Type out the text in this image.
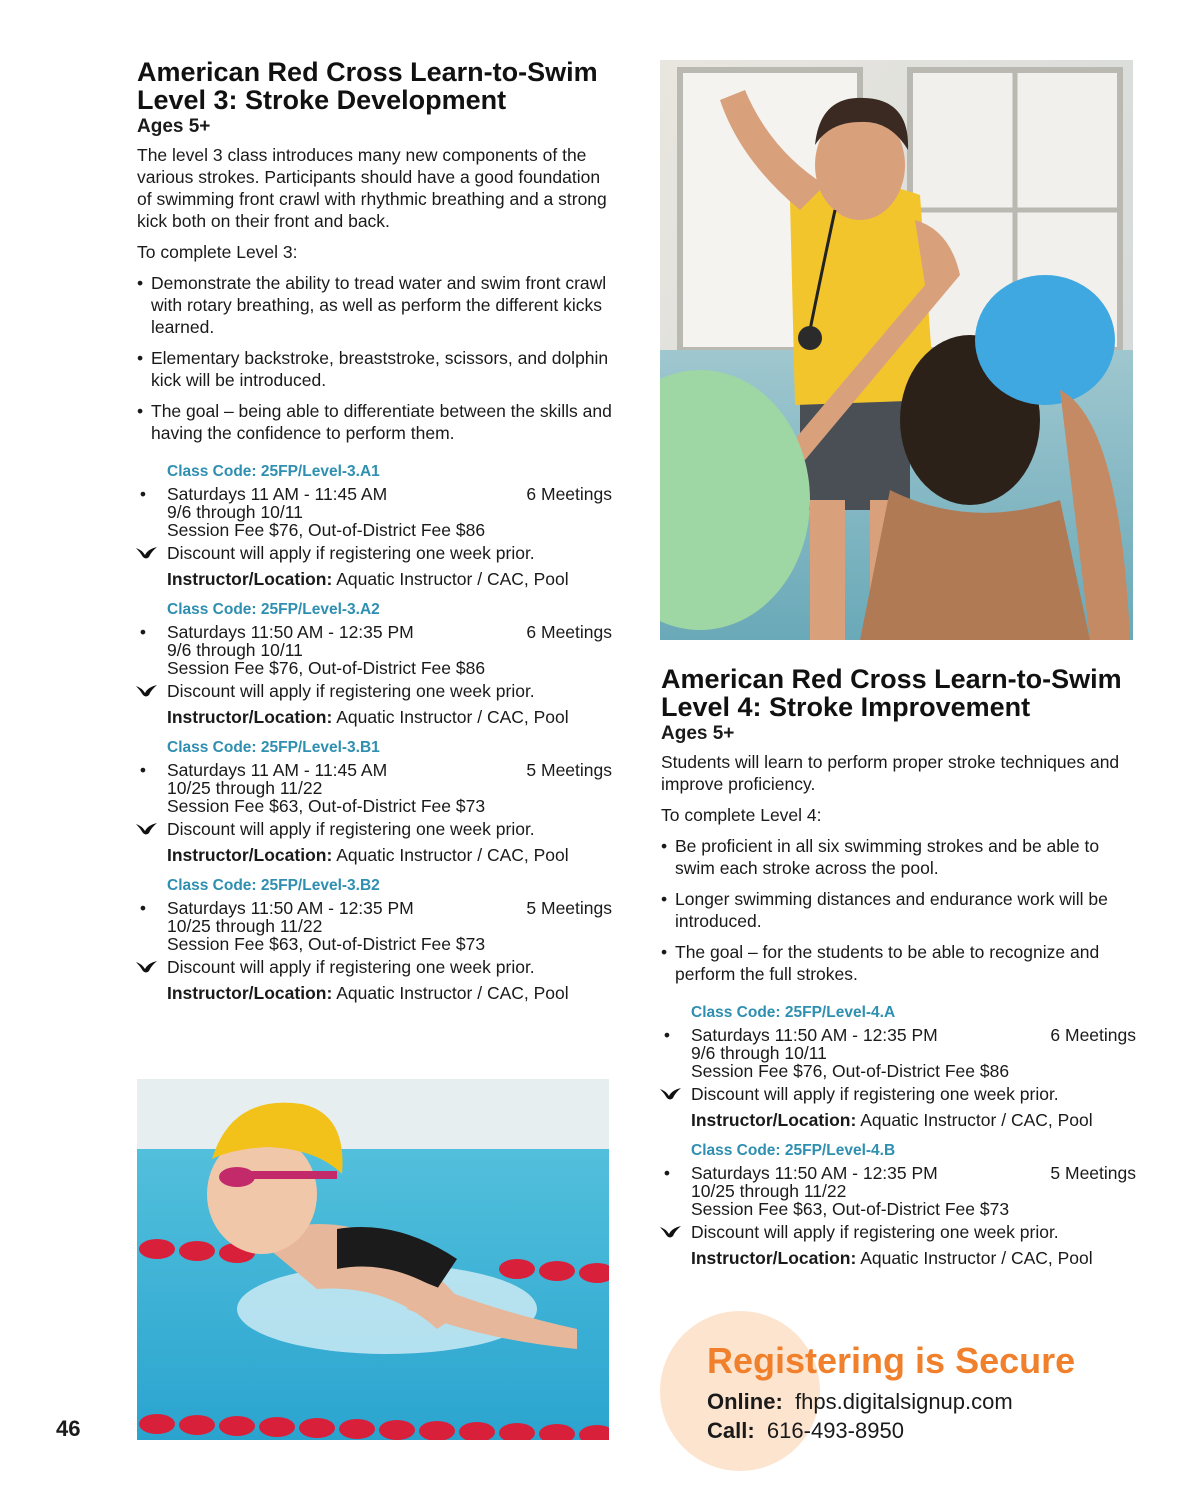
American Red Cross Learn-to-Swim
Level 3: Stroke Development
Ages 5+

The level 3 class introduces many new components of the various strokes. Participants should have a good foundation of swimming front crawl with rhythmic breathing and a strong kick both on their front and back.

To complete Level 3:

• Demonstrate the ability to tread water and swim front crawl with rotary breathing, as well as perform the different kicks learned.
• Elementary backstroke, breaststroke, scissors, and dolphin kick will be introduced.
• The goal – being able to differentiate between the skills and having the confidence to perform them.
Class Code: 25FP/Level-3.A1
• Saturdays 11 AM - 11:45 AM	6 Meetings
9/6 through 10/11
Session Fee $76, Out-of-District Fee $86
Discount will apply if registering one week prior.
Instructor/Location: Aquatic Instructor / CAC, Pool
Class Code: 25FP/Level-3.A2
• Saturdays 11:50 AM - 12:35 PM	6 Meetings
9/6 through 10/11
Session Fee $76, Out-of-District Fee $86
Discount will apply if registering one week prior.
Instructor/Location: Aquatic Instructor / CAC, Pool
Class Code: 25FP/Level-3.B1
• Saturdays 11 AM - 11:45 AM	5 Meetings
10/25 through 11/22
Session Fee $63, Out-of-District Fee $73
Discount will apply if registering one week prior.
Instructor/Location: Aquatic Instructor / CAC, Pool
Class Code: 25FP/Level-3.B2
• Saturdays 11:50 AM - 12:35 PM	5 Meetings
10/25 through 11/22
Session Fee $63, Out-of-District Fee $73
Discount will apply if registering one week prior.
Instructor/Location: Aquatic Instructor / CAC, Pool
American Red Cross Learn-to-Swim
Level 4: Stroke Improvement
Ages 5+

Students will learn to perform proper stroke techniques and improve proficiency.

To complete Level 4:

• Be proficient in all six swimming strokes and be able to swim each stroke across the pool.
• Longer swimming distances and endurance work will be introduced.
• The goal – for the students to be able to recognize and perform the full strokes.
Class Code: 25FP/Level-4.A
• Saturdays 11:50 AM - 12:35 PM	6 Meetings
9/6 through 10/11
Session Fee $76, Out-of-District Fee $86
Discount will apply if registering one week prior.
Instructor/Location: Aquatic Instructor / CAC, Pool
Class Code: 25FP/Level-4.B
• Saturdays 11:50 AM - 12:35 PM	5 Meetings
10/25 through 11/22
Session Fee $63, Out-of-District Fee $73
Discount will apply if registering one week prior.
Instructor/Location: Aquatic Instructor / CAC, Pool
46
Registering is Secure
Online: fhps.digitalsignup.com
Call: 616-493-8950
